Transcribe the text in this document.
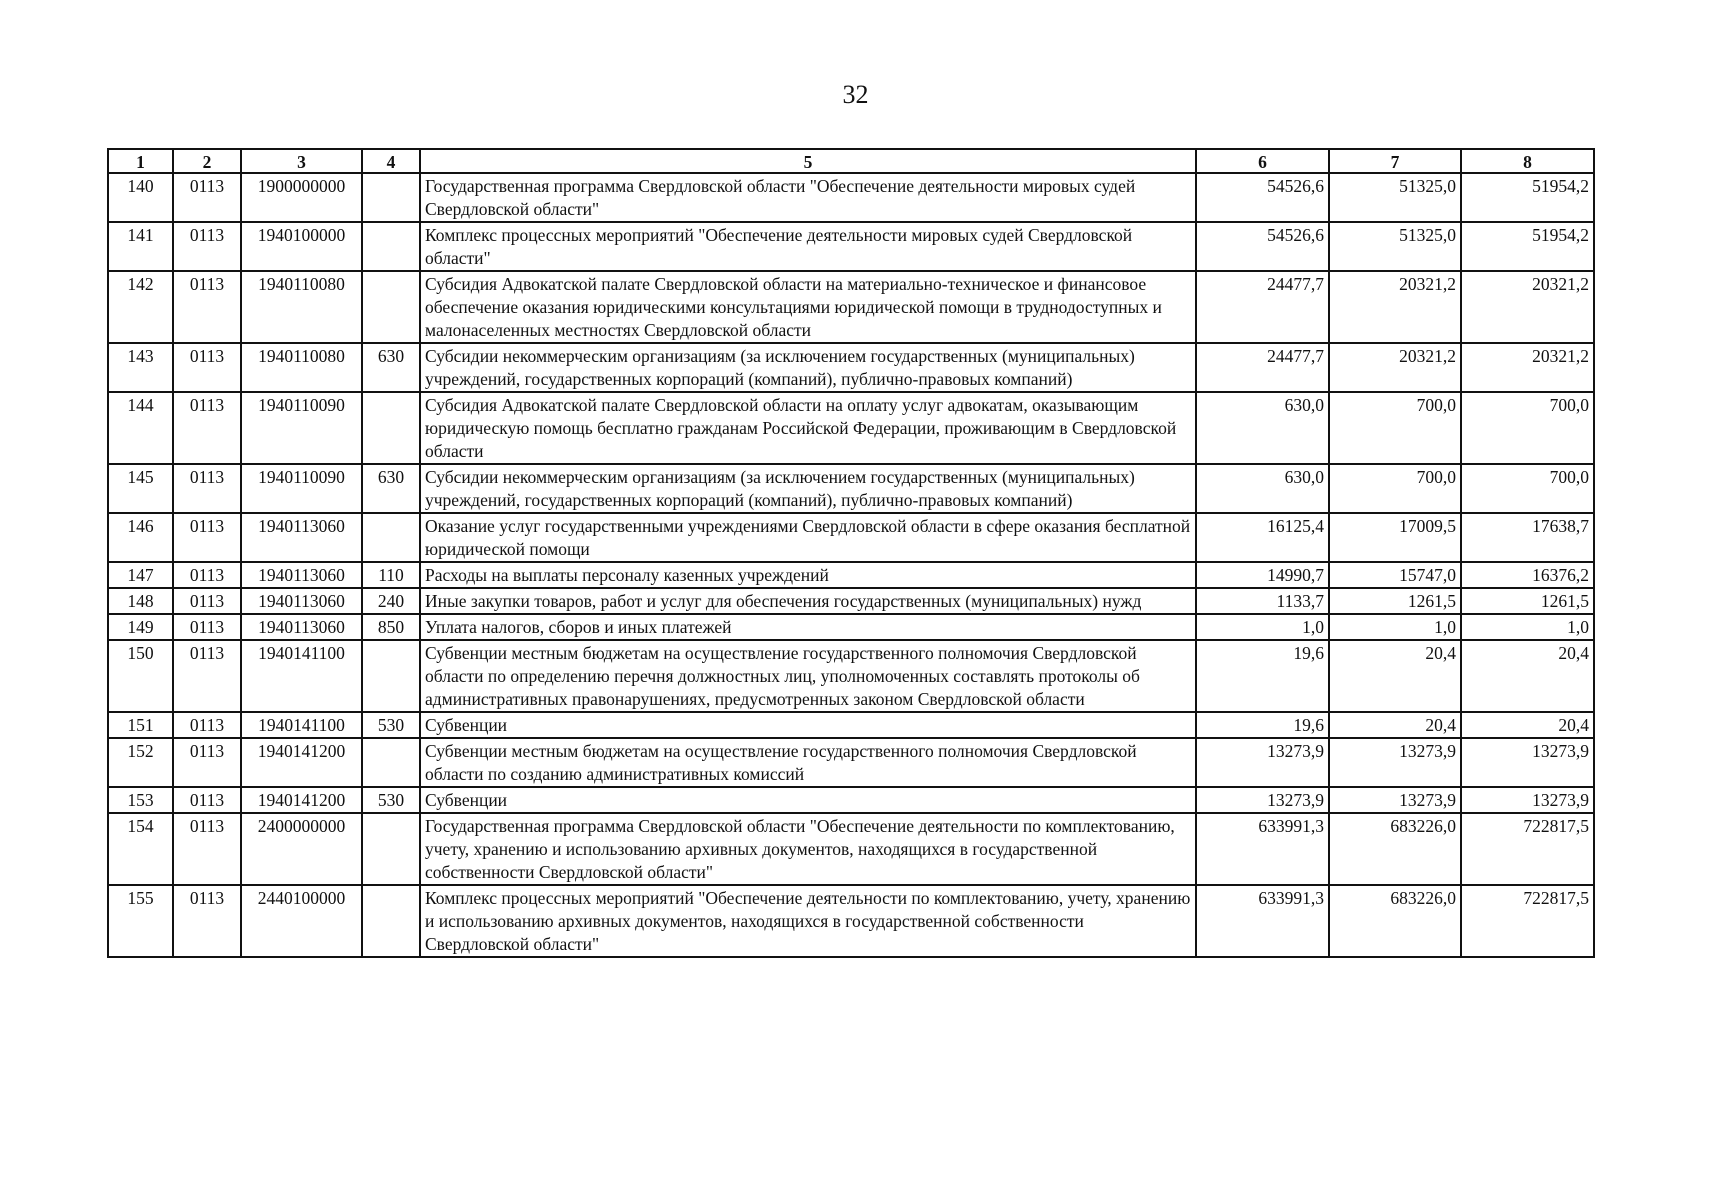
32
1	2	3	4	5	6	7	8
140	0113	1900000000		Государственная программа Свердловской области "Обеспечение деятельности мировых судей Свердловской области"	54526,6	51325,0	51954,2
141	0113	1940100000		Комплекс процессных мероприятий "Обеспечение деятельности мировых судей Свердловской области"	54526,6	51325,0	51954,2
142	0113	1940110080		Субсидия Адвокатской палате Свердловской области на материально-техническое и финансовое обеспечение оказания юридическими консультациями юридической помощи в труднодоступных и малонаселенных местностях Свердловской области	24477,7	20321,2	20321,2
143	0113	1940110080	630	Субсидии некоммерческим организациям (за исключением государственных (муниципальных) учреждений, государственных корпораций (компаний), публично-правовых компаний)	24477,7	20321,2	20321,2
144	0113	1940110090		Субсидия Адвокатской палате Свердловской области на оплату услуг адвокатам, оказывающим юридическую помощь бесплатно гражданам Российской Федерации, проживающим в Свердловской области	630,0	700,0	700,0
145	0113	1940110090	630	Субсидии некоммерческим организациям (за исключением государственных (муниципальных) учреждений, государственных корпораций (компаний), публично-правовых компаний)	630,0	700,0	700,0
146	0113	1940113060		Оказание услуг государственными учреждениями Свердловской области в сфере оказания бесплатной юридической помощи	16125,4	17009,5	17638,7
147	0113	1940113060	110	Расходы на выплаты персоналу казенных учреждений	14990,7	15747,0	16376,2
148	0113	1940113060	240	Иные закупки товаров, работ и услуг для обеспечения государственных (муниципальных) нужд	1133,7	1261,5	1261,5
149	0113	1940113060	850	Уплата налогов, сборов и иных платежей	1,0	1,0	1,0
150	0113	1940141100		Субвенции местным бюджетам на осуществление государственного полномочия Свердловской области по определению перечня должностных лиц, уполномоченных составлять протоколы об административных правонарушениях, предусмотренных законом Свердловской области	19,6	20,4	20,4
151	0113	1940141100	530	Субвенции	19,6	20,4	20,4
152	0113	1940141200		Субвенции местным бюджетам на осуществление государственного полномочия Свердловской области по созданию административных комиссий	13273,9	13273,9	13273,9
153	0113	1940141200	530	Субвенции	13273,9	13273,9	13273,9
154	0113	2400000000		Государственная программа Свердловской области "Обеспечение деятельности по комплектованию, учету, хранению и использованию архивных документов, находящихся в государственной собственности Свердловской области"	633991,3	683226,0	722817,5
155	0113	2440100000		Комплекс процессных мероприятий "Обеспечение деятельности по комплектованию, учету, хранению и использованию архивных документов, находящихся в государственной собственности Свердловской области"	633991,3	683226,0	722817,5
